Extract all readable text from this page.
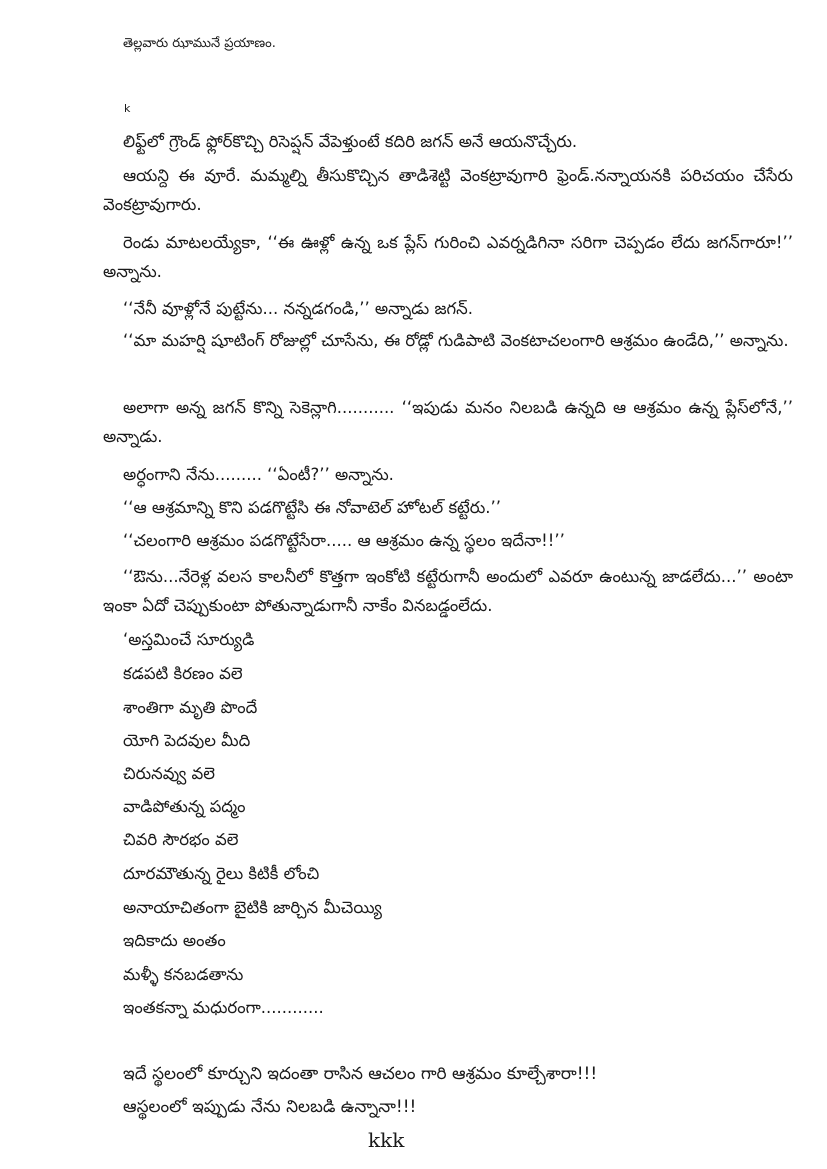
తెల్లవారు ఝామునే ప్రయాణం.
k

లిఫ్ట్‌లో గ్రౌండ్ ఫ్లోర్‌కొచ్చి రిసెప్షన్ వేపెళ్తుంటే కదిరి జగన్ అనే ఆయనొచ్చేరు.

ఆయన్ది ఈ వూరే. మమ్మల్ని తీసుకొచ్చిన తాడిశెట్టి వెంకట్రావుగారి ఫ్రెండ్.నన్నాయనకి పరిచయం చేసేరు వెంకట్రావుగారు.

రెండు మాటలయ్యేకా, ‘‘ఈ ఊళ్లో ఉన్న ఒక ప్లేస్ గురించి ఎవర్నడిగినా సరిగా చెప్పడం లేదు జగన్‌గారూ!’’ అన్నాను.

‘‘నేనీ వూళ్లోనే పుట్టేను... నన్నడగండి,’’ అన్నాడు జగన్.

‘‘మా మహర్షి షూటింగ్ రోజుల్లో చూసేను, ఈ రోడ్లో గుడిపాటి వెంకటాచలంగారి ఆశ్రమం ఉండేది,’’ అన్నాను.

అలాగా అన్న జగన్ కొన్ని సెకెన్లాగి........... ‘‘ఇపుడు మనం నిలబడి ఉన్నది ఆ ఆశ్రమం ఉన్న ప్లేస్‌లోనే,’’ అన్నాడు.

అర్ధంగాని నేను......... ‘‘ఏంటీ?’’ అన్నాను.

‘‘ఆ ఆశ్రమాన్ని కొని పడగొట్టేసి ఈ నోవాటెల్ హోటల్ కట్టేరు.’’

‘‘చలంగారి ఆశ్రమం పడగొట్టేసేరా..... ఆ ఆశ్రమం ఉన్న స్థలం ఇదేనా!!’’

‘‘ఔను...నేరెళ్ల వలస కాలనీలో కొత్తగా ఇంకోటి కట్టేరుగానీ అందులో ఎవరూ ఉంటున్న జాడలేదు...’’ అంటా ఇంకా ఏదో చెప్పుకుంటా పోతున్నాడుగానీ నాకేం వినబడ్డంలేదు.

‘అస్తమించే సూర్యుడి
కడపటి కిరణం వలె
శాంతిగా మృతి పొందే
యోగి పెదవుల మీది
చిరునవ్వు వలె
వాడిపోతున్న పద్మం
చివరి సౌరభం వలె
దూరమౌతున్న రైలు కిటికీ లోంచి
అనాయాచితంగా బైటికి జార్చిన మీచెయ్యి
ఇదికాదు అంతం
మళ్ళీ కనబడతాను
ఇంతకన్నా మధురంగా............
ఇదే స్థలంలో కూర్చుని ఇదంతా రాసిన ఆచలం గారి ఆశ్రమం కూల్చేశారా!!!
ఆస్థలంలో ఇప్పుడు నేను నిలబడి ఉన్నానా!!!
kkk
